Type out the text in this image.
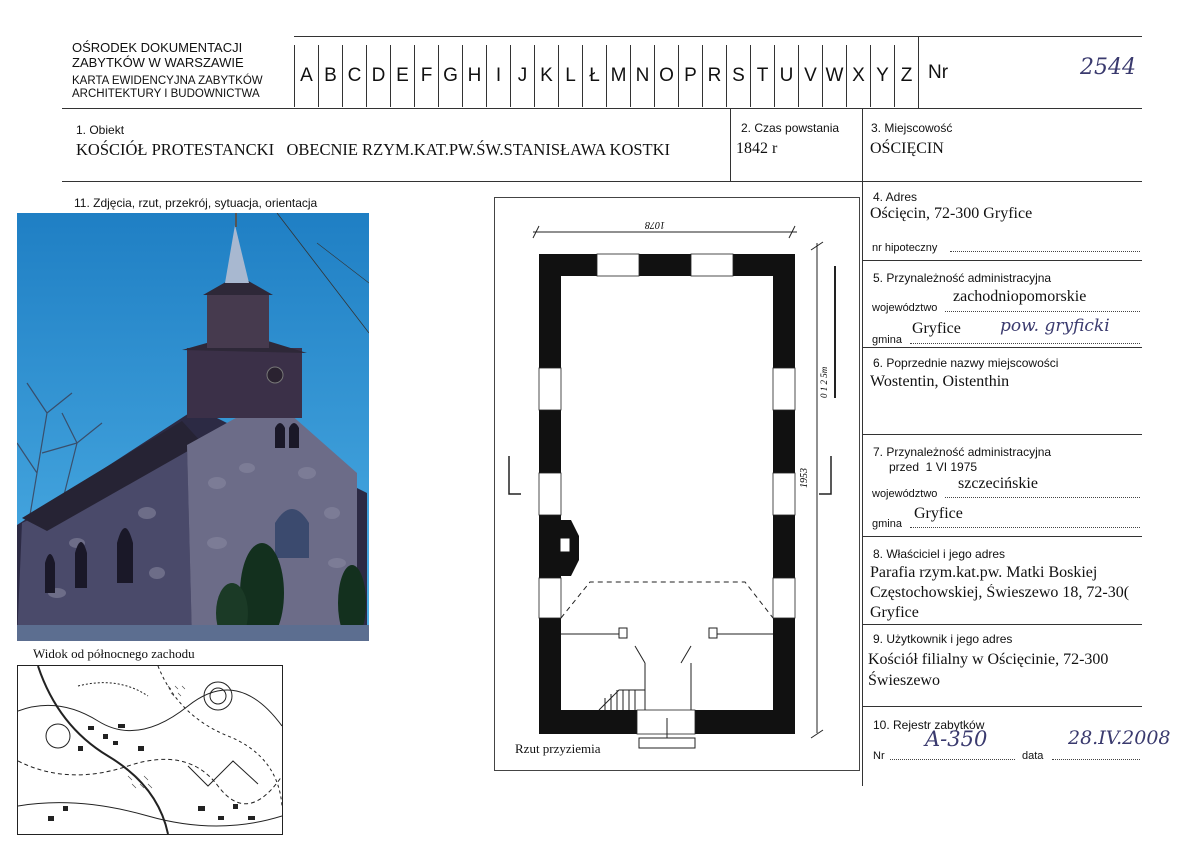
OŚRODEK DOKUMENTACJI
ZABYTKÓW W WARSZAWIE
KARTA EWIDENCYJNA ZABYTKÓW
ARCHITEKTURY I BUDOWNICTWA
A B C D E F G H I J K L Ł M N O P R S T U V W X Y Z Nr	2544
1. Obiekt
KOŚCIÓŁ PROTESTANCKI   OBECNIE RZYM.KAT.PW.ŚW.STANISŁAWA KOSTKI
2. Czas powstania
1842 r
3. Miejscowość
OŚCIĘCIN
11. Zdjęcia, rzut, przekrój, sytuacja, orientacja
Widok od północnego zachodu
1078
1953
0 1 2 5m
Rzut przyziemia
4. Adres
Ościęcin, 72-300 Gryfice
nr hipoteczny
5. Przynależność administracyjna
zachodniopomorskie
województwo
Gryfice pow. gryficki
gmina
6. Poprzednie nazwy miejscowości
Wostentin, Oistenthin
7. Przynależność administracyjna
przed  1 VI 1975
szczecińskie
województwo
Gryfice
gmina
8. Właściciel i jego adres
Parafia rzym.kat.pw. Matki Boskiej
Częstochowskiej, Świeszewo 18, 72-30(
Gryfice
9. Użytkownik i jego adres
Kościół filialny w Ościęcinie, 72-300
Świeszewo
10. Rejestr zabytków
A-350	28.IV.2008
Nr	data
